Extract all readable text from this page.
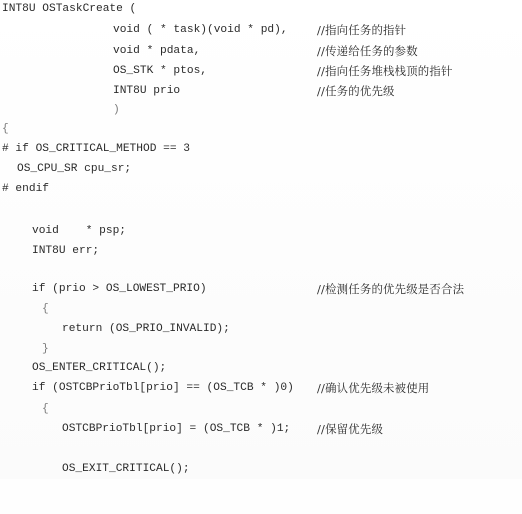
INT8U OSTaskCreate (

void ( * task)(void * pd),

	//指向任务的指针

void * pdata,

	//传递给任务的参数

OS_STK * ptos,

	//指向任务堆栈栈顶的指针

INT8U prio

	//任务的优先级

)

{

# if OS_CRITICAL_METHOD == 3

OS_CPU_SR cpu_sr;

# endif

void    * psp;

INT8U err;

if (prio > OS_LOWEST_PRIO)

	//检测任务的优先级是否合法

{

return (OS_PRIO_INVALID);

}

OS_ENTER_CRITICAL();

if (OSTCBPrioTbl[prio] == (OS_TCB * )0)

//确认优先级未被使用

{

OSTCBPrioTbl[prio] = (OS_TCB * )1;

//保留优先级

OS_EXIT_CRITICAL();
